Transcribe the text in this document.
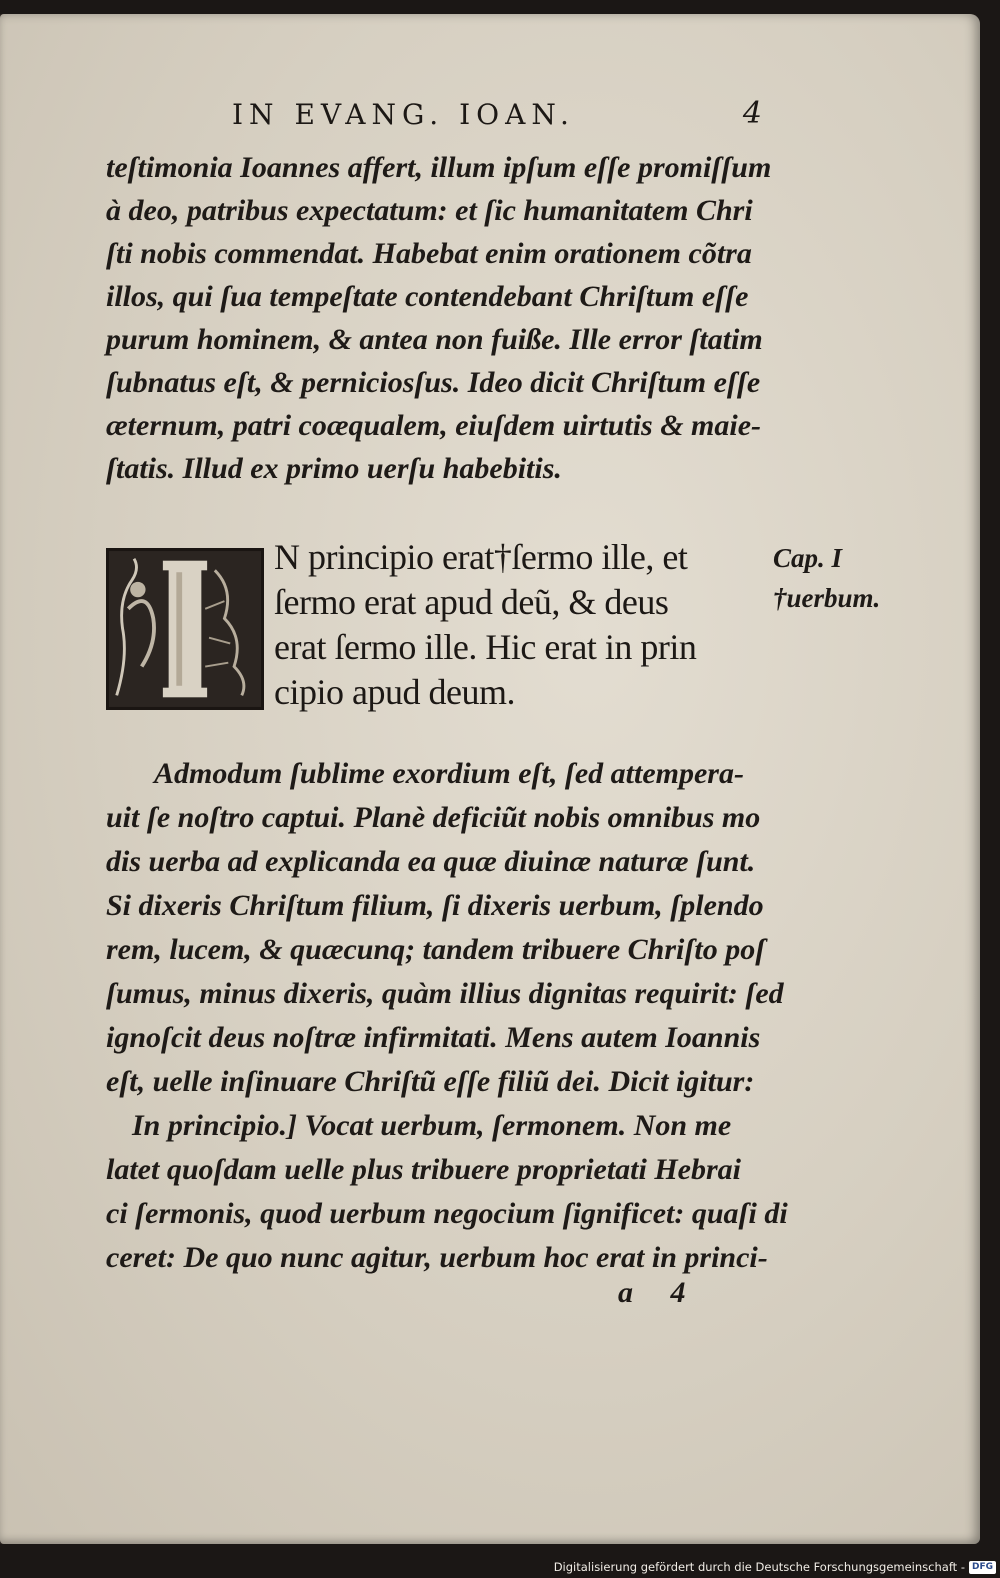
IN EVANG. IOAN.	4
teſtimonia Ioannes affert, illum ipſum eſſe promiſſum
à deo, patribus expectatum: et ſic humanitatem Chri
ſti nobis commendat. Habebat enim orationem cõtra
illos, qui ſua tempeſtate contendebant Chriſtum eſſe
purum hominem, & antea non fuiße. Ille error ſtatim
ſubnatus eſt, & perniciosſus. Ideo dicit Chriſtum eſſe
æternum, patri coæqualem, eiuſdem uirtutis & maie-
ſtatis. Illud ex primo uerſu habebitis.
I
N principio erat†ſermo ille, et
ſermo erat apud deũ, & deus
erat ſermo ille. Hic erat in prin
cipio apud deum.
Cap. I
†uerbum.
Admodum ſublime exordium eſt, ſed attempera-
uit ſe noſtro captui. Planè deficiũt nobis omnibus mo
dis uerba ad explicanda ea quæ diuinæ naturæ ſunt.
Si dixeris Chriſtum filium, ſi dixeris uerbum, ſplendo
rem, lucem, & quæcunq; tandem tribuere Chriſto poſ
ſumus, minus dixeris, quàm illius dignitas requirit: ſed
ignoſcit deus noſtræ infirmitati. Mens autem Ioannis
eſt, uelle inſinuare Chriſtũ eſſe filiũ dei. Dicit igitur:
In principio.] Vocat uerbum, ſermonem. Non me
latet quoſdam uelle plus tribuere proprietati Hebrai
ci ſermonis, quod uerbum negocium ſignificet: quaſi di
ceret: De quo nunc agitur, uerbum hoc erat in princi-
a 4
Digitalisierung gefördert durch die Deutsche Forschungsgemeinschaft - DFG
